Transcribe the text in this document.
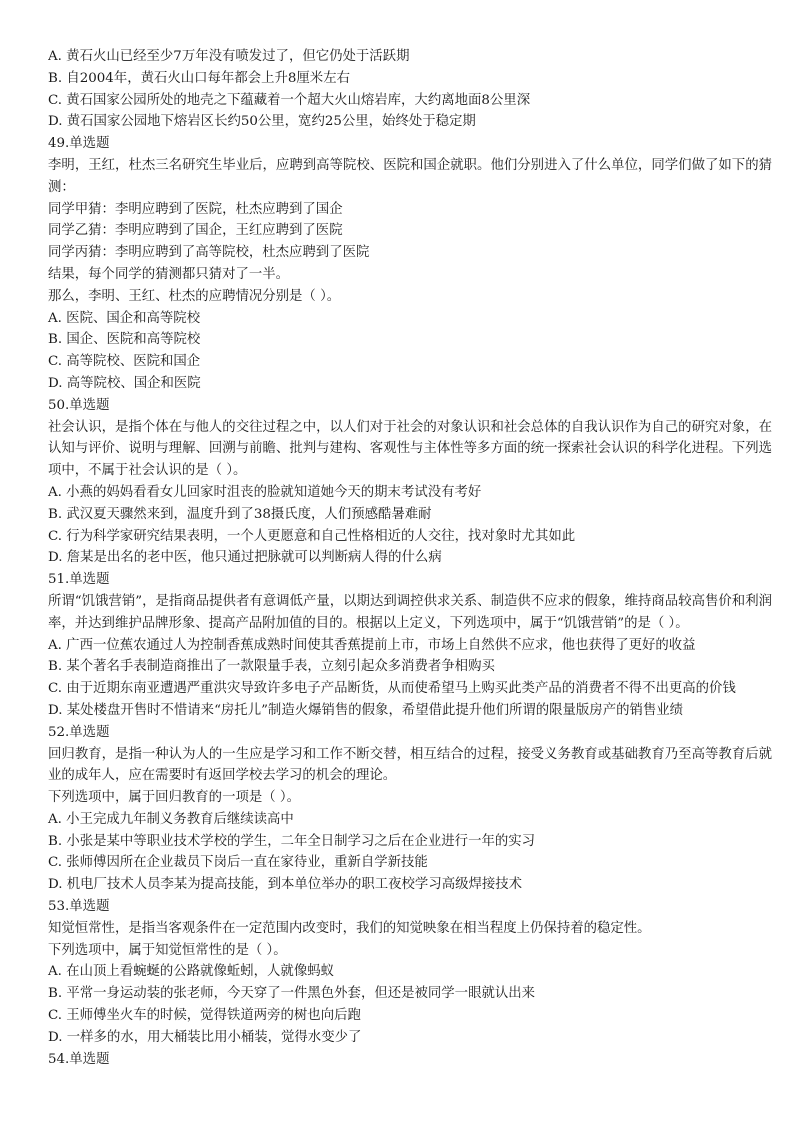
A. 黄石火山已经至少7万年没有喷发过了，但它仍处于活跃期
B. 自2004年，黄石火山口每年都会上升8厘米左右
C. 黄石国家公园所处的地壳之下蕴藏着一个超大火山熔岩库，大约离地面8公里深
D. 黄石国家公园地下熔岩区长约50公里，宽约25公里，始终处于稳定期
49.单选题
李明，王红，杜杰三名研究生毕业后，应聘到高等院校、医院和国企就职。他们分别进入了什么单位，同学们做了如下的猜测：
同学甲猜：李明应聘到了医院，杜杰应聘到了国企
同学乙猜：李明应聘到了国企，王红应聘到了医院
同学丙猜：李明应聘到了高等院校，杜杰应聘到了医院
结果，每个同学的猜测都只猜对了一半。
那么，李明、王红、杜杰的应聘情况分别是（ ）。
A. 医院、国企和高等院校
B. 国企、医院和高等院校
C. 高等院校、医院和国企
D. 高等院校、国企和医院
50.单选题
社会认识，是指个体在与他人的交往过程之中，以人们对于社会的对象认识和社会总体的自我认识作为自己的研究对象，在认知与评价、说明与理解、回溯与前瞻、批判与建构、客观性与主体性等多方面的统一探索社会认识的科学化进程。下列选项中，不属于社会认识的是（ ）。
A. 小燕的妈妈看看女儿回家时沮丧的脸就知道她今天的期末考试没有考好
B. 武汉夏天骤然来到，温度升到了38摄氏度，人们预感酷暑难耐
C. 行为科学家研究结果表明，一个人更愿意和自己性格相近的人交往，找对象时尤其如此
D. 詹某是出名的老中医，他只通过把脉就可以判断病人得的什么病
51.单选题
所谓“饥饿营销”，是指商品提供者有意调低产量，以期达到调控供求关系、制造供不应求的假象，维持商品较高售价和利润率，并达到维护品牌形象、提高产品附加值的目的。根据以上定义，下列选项中，属于“饥饿营销”的是（ ）。
A. 广西一位蕉农通过人为控制香蕉成熟时间使其香蕉提前上市，市场上自然供不应求，他也获得了更好的收益
B. 某个著名手表制造商推出了一款限量手表，立刻引起众多消费者争相购买
C. 由于近期东南亚遭遇严重洪灾导致许多电子产品断货，从而使希望马上购买此类产品的消费者不得不出更高的价钱
D. 某处楼盘开售时不惜请来“房托儿”制造火爆销售的假象，希望借此提升他们所谓的限量版房产的销售业绩
52.单选题
回归教育，是指一种认为人的一生应是学习和工作不断交替，相互结合的过程，接受义务教育或基础教育乃至高等教育后就业的成年人，应在需要时有返回学校去学习的机会的理论。
下列选项中，属于回归教育的一项是（ ）。
A. 小王完成九年制义务教育后继续读高中
B. 小张是某中等职业技术学校的学生，二年全日制学习之后在企业进行一年的实习
C. 张师傅因所在企业裁员下岗后一直在家待业，重新自学新技能
D. 机电厂技术人员李某为提高技能，到本单位举办的职工夜校学习高级焊接技术
53.单选题
知觉恒常性，是指当客观条件在一定范围内改变时，我们的知觉映象在相当程度上仍保持着的稳定性。
下列选项中，属于知觉恒常性的是（ ）。
A. 在山顶上看蜿蜒的公路就像蚯蚓，人就像蚂蚁
B. 平常一身运动装的张老师，今天穿了一件黑色外套，但还是被同学一眼就认出来
C. 王师傅坐火车的时候，觉得铁道两旁的树也向后跑
D. 一样多的水，用大桶装比用小桶装，觉得水变少了
54.单选题
